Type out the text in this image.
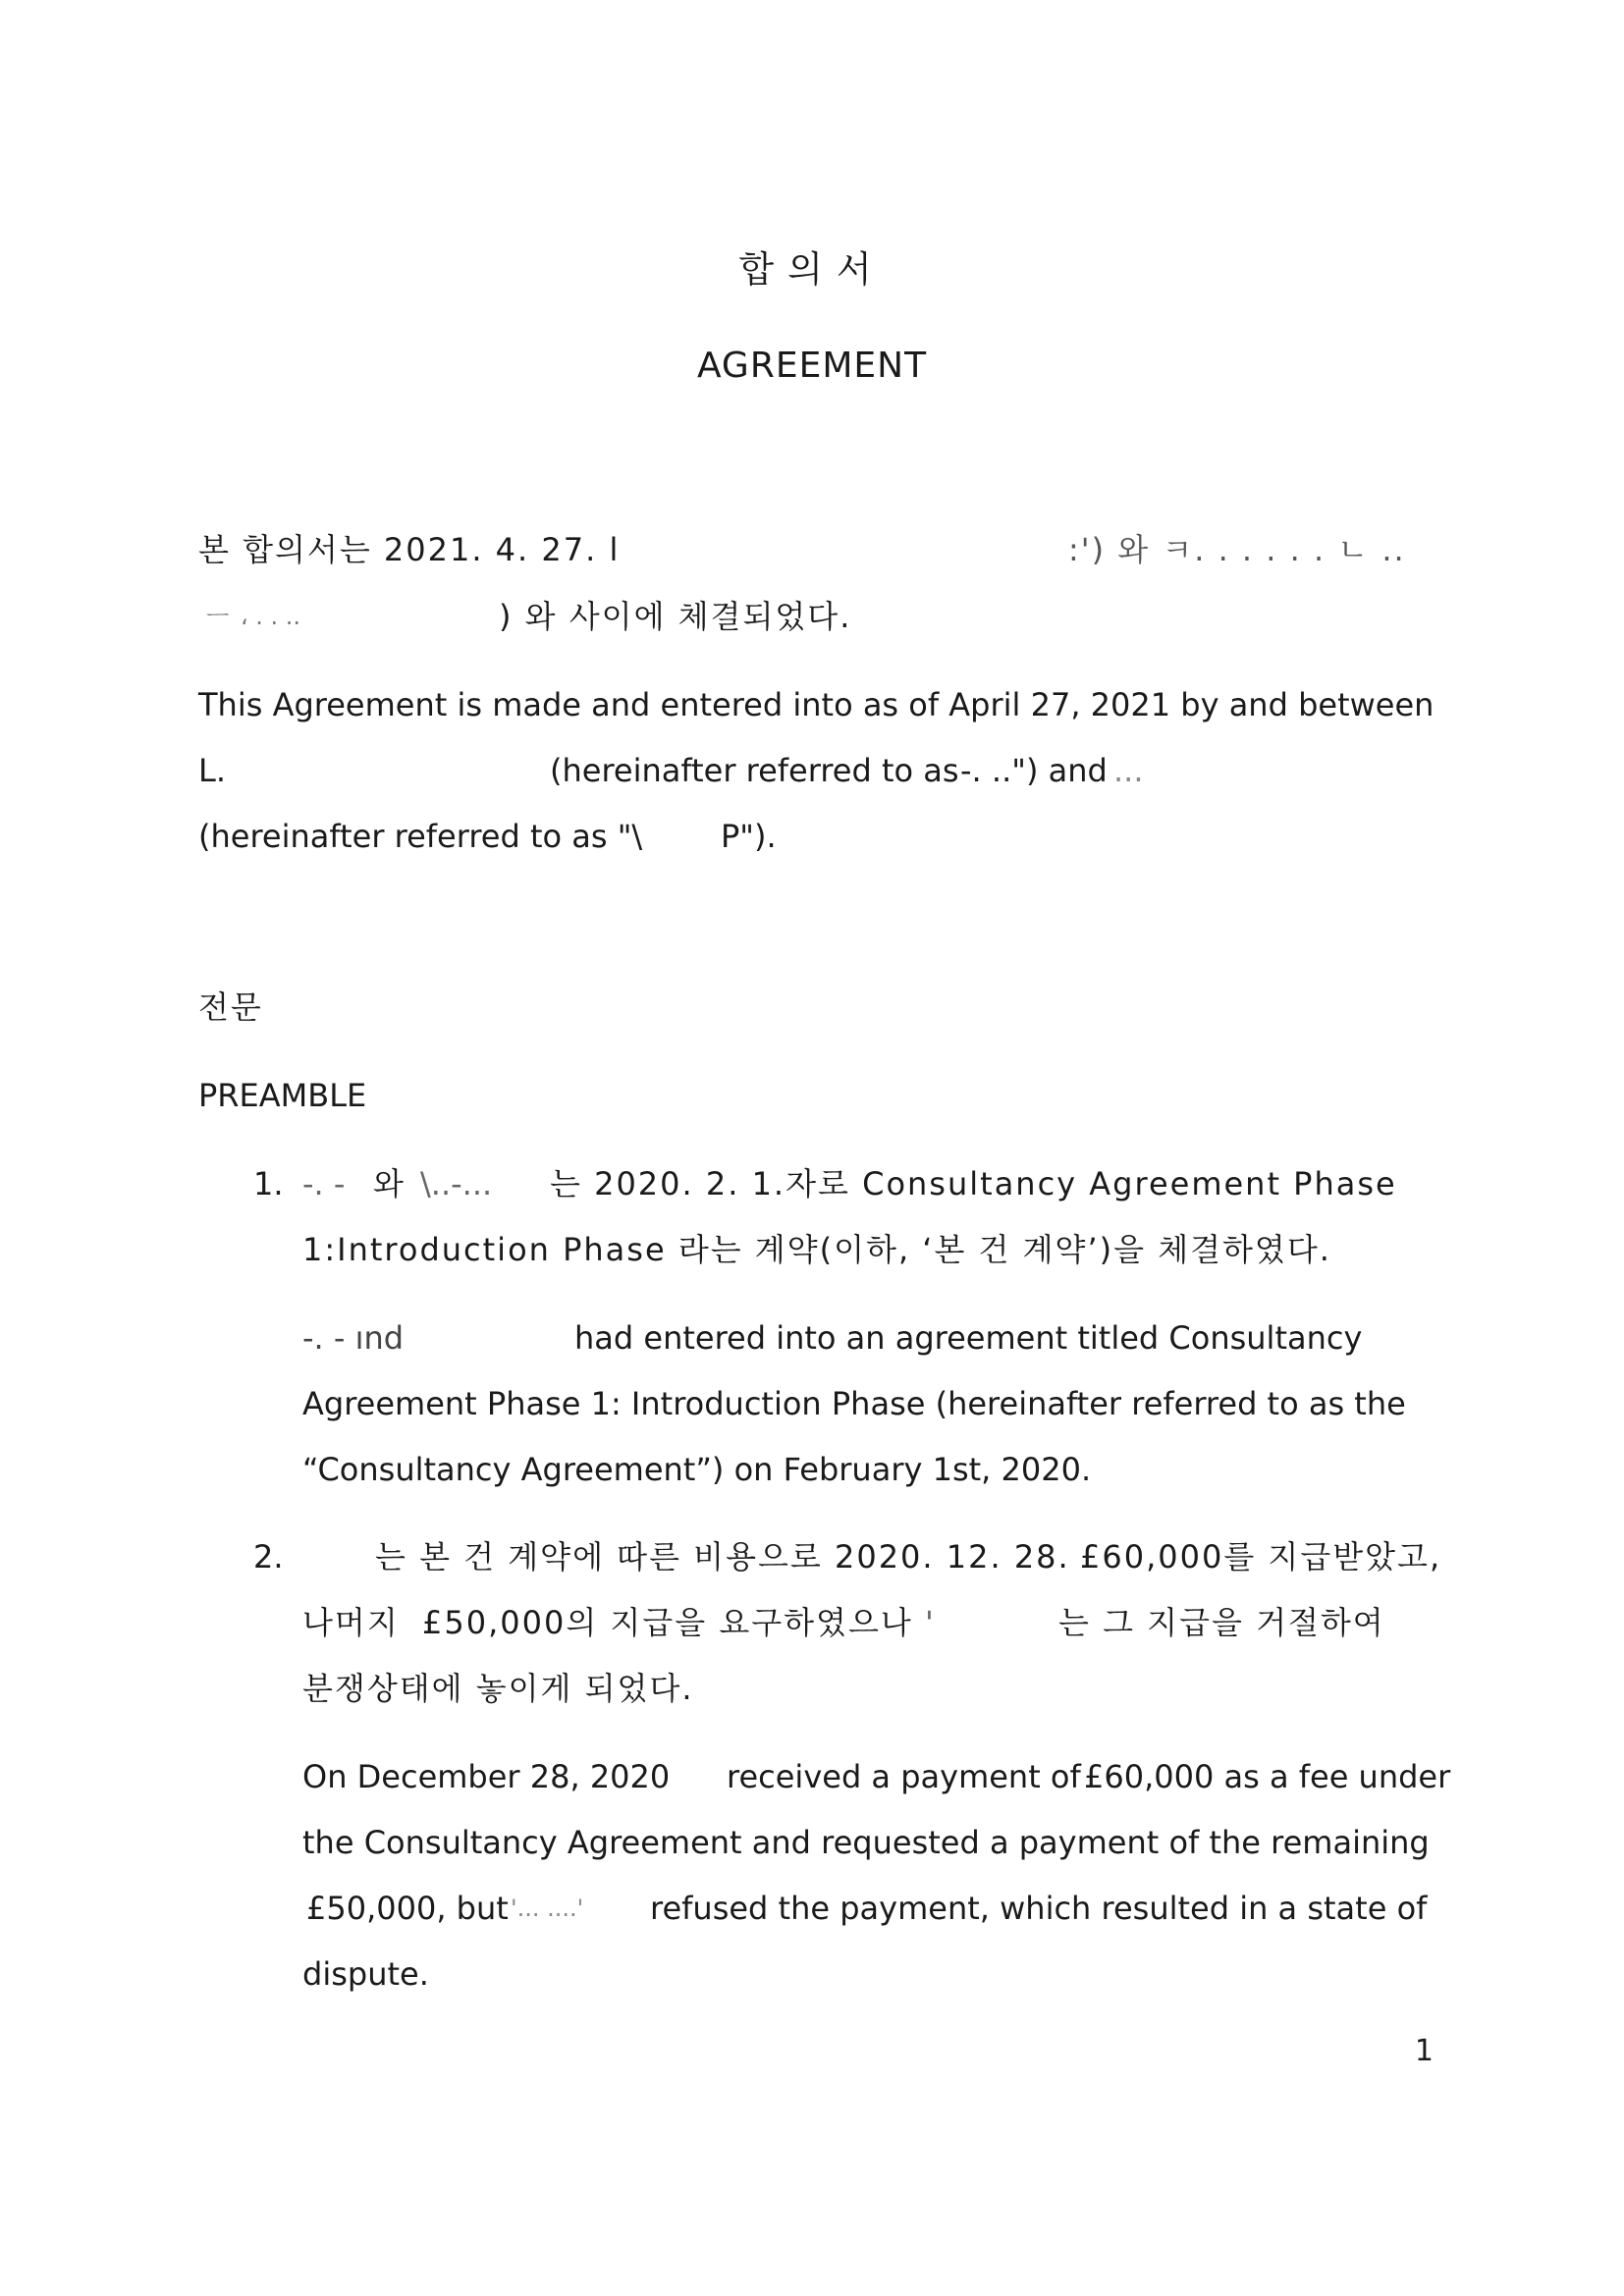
합의서
AGREEMENT
본 합의서는 2021. 4. 27. l	:') 와 ㅋ. . . . . . ㄴ ..
ㅡ ، . . ..	) 와 사이에 체결되었다.
This Agreement is made and entered into as of April 27, 2021 by and between
L.	(hereinafter referred to as -. ..") and ...
(hereinafter referred to as "\ P").
전문
PREAMBLE
1. -. - 와 \..-... 는 2020. 2. 1.자로 Consultancy Agreement Phase
1:Introduction Phase 라는 계약(이하, ‘본 건 계약’)을 체결하였다.
-. - ınd	had entered into an agreement titled Consultancy
Agreement Phase 1: Introduction Phase (hereinafter referred to as the
“Consultancy Agreement”) on February 1st, 2020.
2.	는 본 건 계약에 따른 비용으로 2020. 12. 28. £60,000를 지급받았고,
나머지 £50,000의 지급을 요구하였으나 '	는 그 지급을 거절하여
분쟁상태에 놓이게 되었다.
On December 28, 2020 received a payment of £60,000 as a fee under
the Consultancy Agreement and requested a payment of the remaining
£50,000, but '... ....' refused the payment, which resulted in a state of
dispute.
1
